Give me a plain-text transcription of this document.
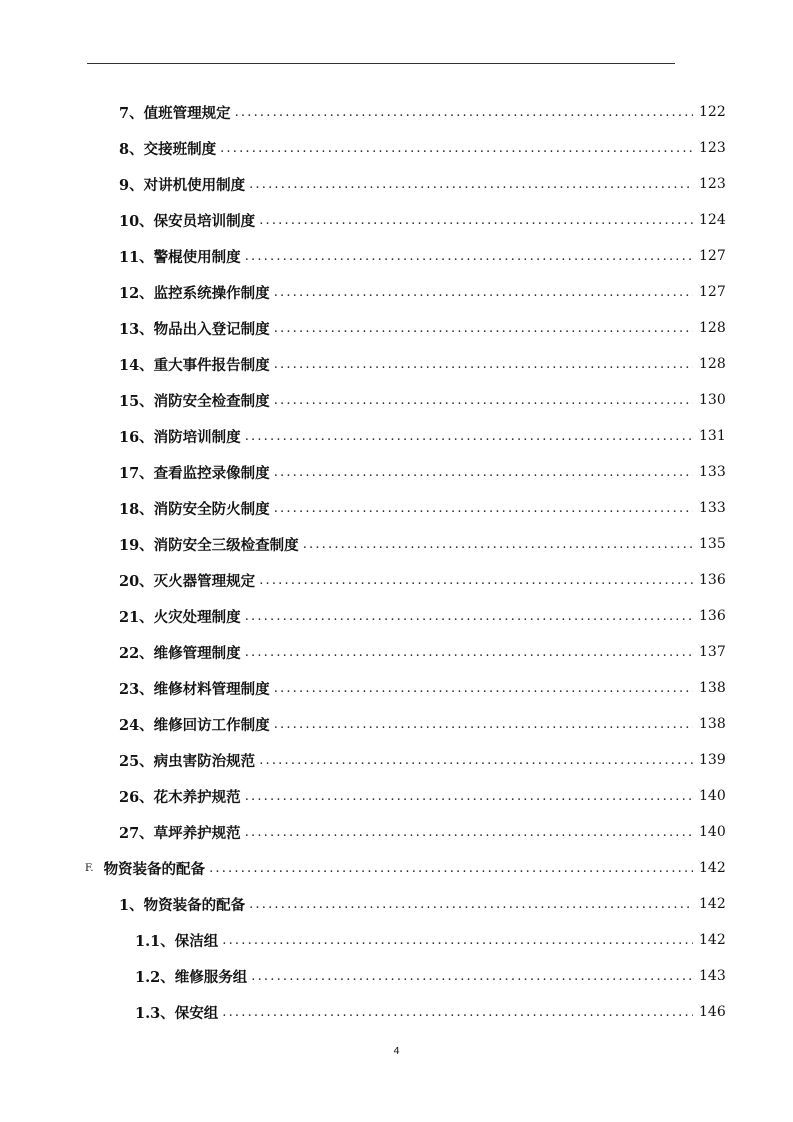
7、值班管理规定 .....	122
8、交接班制度 .....	123
9、对讲机使用制度 .....	123
10、保安员培训制度 .....	124
11、警棍使用制度 .....	127
12、监控系统操作制度 .....	127
13、物品出入登记制度 .....	128
14、重大事件报告制度 .....	128
15、消防安全检查制度 .....	130
16、消防培训制度 .....	131
17、查看监控录像制度 .....	133
18、消防安全防火制度 .....	133
19、消防安全三级检查制度 .....	135
20、灭火器管理规定 .....	136
21、火灾处理制度 .....	136
22、维修管理制度 .....	137
23、维修材料管理制度 .....	138
24、维修回访工作制度 .....	138
25、病虫害防治规范 .....	139
26、花木养护规范 .....	140
27、草坪养护规范 .....	140
F. 物资装备的配备 .....	142
1、物资装备的配备 .....	142
1.1、保洁组 .....	142
1.2、维修服务组 .....	143
1.3、保安组 .....	146
4
